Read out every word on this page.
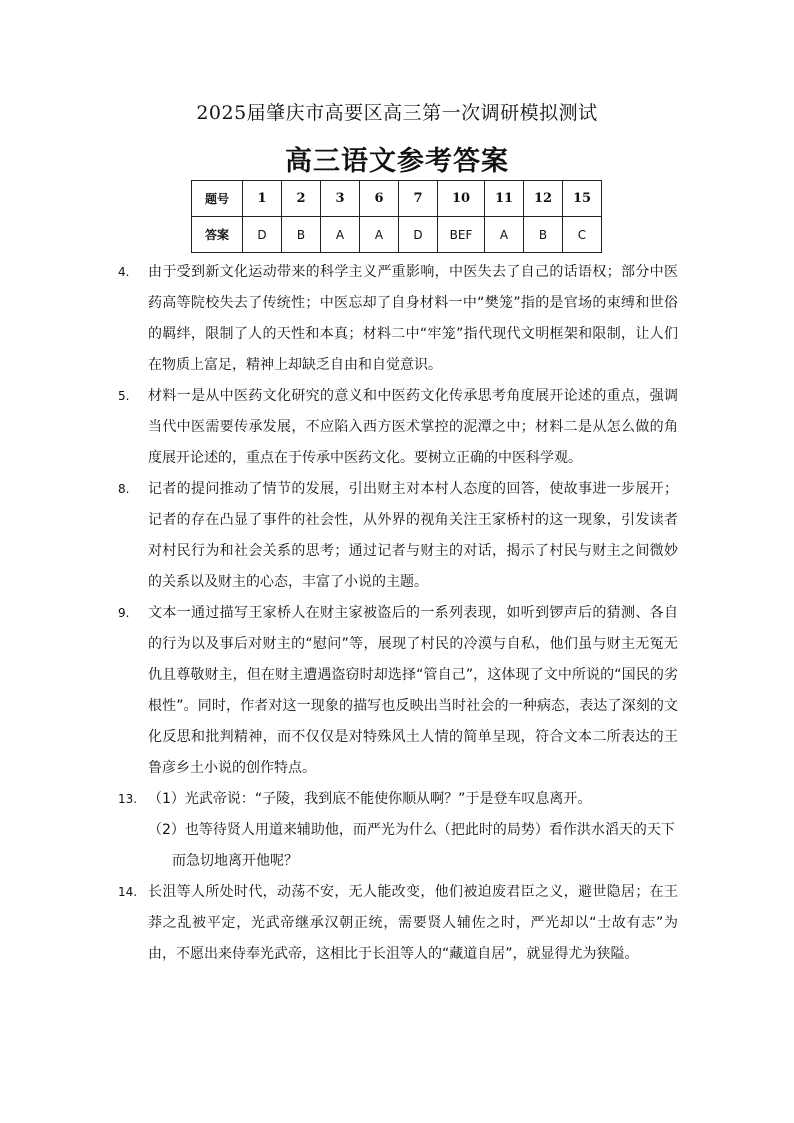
2025届肇庆市高要区高三第一次调研模拟测试
高三语文参考答案
题号	1	2	3	6	7	10	11	12	15
答案	D	B	A	A	D	BEF	A	B	C
4. 由于受到新文化运动带来的科学主义严重影响，中医失去了自己的话语权；部分中医药高等院校失去了传统性；中医忘却了自身材料一中“樊笼”指的是官场的束缚和世俗的羁绊，限制了人的天性和本真；材料二中“牢笼”指代现代文明框架和限制，让人们在物质上富足，精神上却缺乏自由和自觉意识。
5. 材料一是从中医药文化研究的意义和中医药文化传承思考角度展开论述的重点，强调当代中医需要传承发展，不应陷入西方医术掌控的泥潭之中；材料二是从怎么做的角度展开论述的，重点在于传承中医药文化。要树立正确的中医科学观。
8. 记者的提问推动了情节的发展，引出财主对本村人态度的回答，使故事进一步展开；记者的存在凸显了事件的社会性，从外界的视角关注王家桥村的这一现象，引发读者对村民行为和社会关系的思考；通过记者与财主的对话，揭示了村民与财主之间微妙的关系以及财主的心态，丰富了小说的主题。
9. 文本一通过描写王家桥人在财主家被盗后的一系列表现，如听到锣声后的猜测、各自的行为以及事后对财主的“慰问”等，展现了村民的冷漠与自私，他们虽与财主无冤无仇且尊敬财主，但在财主遭遇盗窃时却选择“管自己”，这体现了文中所说的“国民的劣根性”。同时，作者对这一现象的描写也反映出当时社会的一种病态，表达了深刻的文化反思和批判精神，而不仅仅是对特殊风土人情的简单呈现，符合文本二所表达的王鲁彦乡土小说的创作特点。
13. （1）光武帝说：“子陵，我到底不能使你顺从啊？”于是登车叹息离开。
（2）也等待贤人用道来辅助他，而严光为什么（把此时的局势）看作洪水滔天的天下
而急切地离开他呢？
14. 长沮等人所处时代，动荡不安，无人能改变，他们被迫废君臣之义，避世隐居；在王莽之乱被平定，光武帝继承汉朝正统，需要贤人辅佐之时，严光却以“士故有志”为由，不愿出来侍奉光武帝，这相比于长沮等人的“藏道自居”，就显得尤为狭隘。
